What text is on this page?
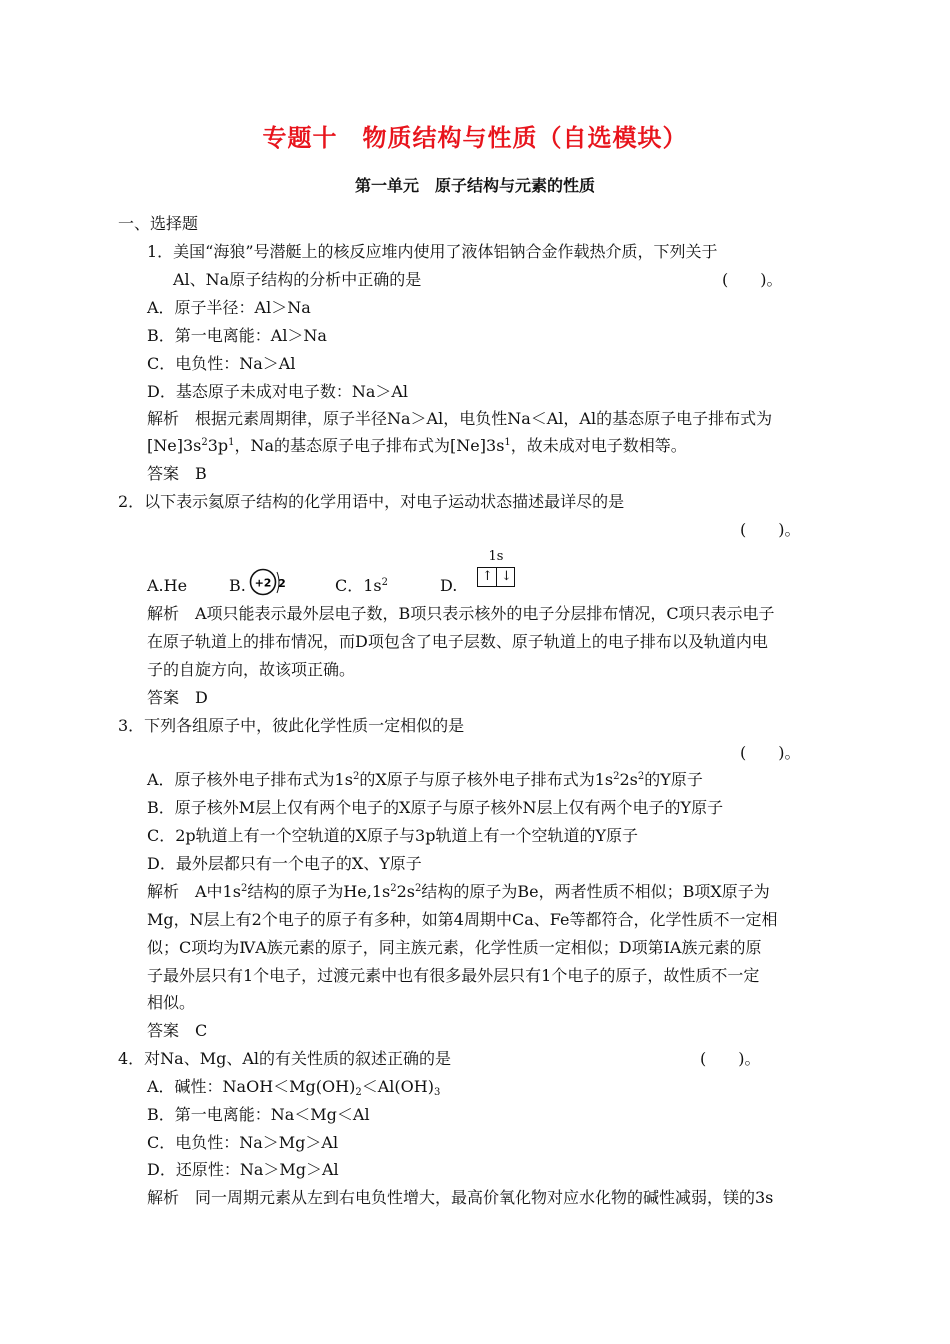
专题十　物质结构与性质（自选模块）
第一单元　原子结构与元素的性质
一、选择题
1．美国“海狼”号潜艇上的核反应堆内使用了液体铝钠合金作载热介质，下列关于
Al、Na原子结构的分析中正确的是	(　　)。
A．原子半径：Al＞Na
B．第一电离能：Al＞Na
C．电负性：Na＞Al
D．基态原子未成对电子数：Na＞Al
解析　根据元素周期律，原子半径Na＞Al，电负性Na＜Al，Al的基态原子电子排布式为
$[Ne]3s^23p^1$，Na的基态原子电子排布式为$[Ne]3s^1$，故未成对电子数相等。
答案　B
2．以下表示氦原子结构的化学用语中，对电子运动状态描述最详尽的是
(　　)。
A.He	B. +2 2	C．$1s^2$	D.
1s
↑ ↓
解析　A项只能表示最外层电子数，B项只表示核外的电子分层排布情况，C项只表示电子
在原子轨道上的排布情况，而D项包含了电子层数、原子轨道上的电子排布以及轨道内电
子的自旋方向，故该项正确。
答案　D
3．下列各组原子中，彼此化学性质一定相似的是
(　　)。
A．原子核外电子排布式为$1s^2$的X原子与原子核外电子排布式为$1s^22s^2$的Y原子
B．原子核外M层上仅有两个电子的X原子与原子核外N层上仅有两个电子的Y原子
C．2p轨道上有一个空轨道的X原子与3p轨道上有一个空轨道的Y原子
D．最外层都只有一个电子的X、Y原子
解析　A中$1s^2$结构的原子为$He,1s^22s^2$结构的原子为Be，两者性质不相似；B项X原子为
Mg，N层上有2个电子的原子有多种，如第4周期中Ca、Fe等都符合，化学性质不一定相
似；C项均为ⅣA族元素的原子，同主族元素，化学性质一定相似；D项第ⅠA族元素的原
子最外层只有1个电子，过渡元素中也有很多最外层只有1个电子的原子，故性质不一定
相似。
答案　C
4．对Na、Mg、Al的有关性质的叙述正确的是	(　　)。
A．碱性：$NaOH<Mg(OH)_2<Al(OH)_3$
B．第一电离能：Na＜Mg＜Al
C．电负性：Na＞Mg＞Al
D．还原性：Na＞Mg＞Al
解析　同一周期元素从左到右电负性增大，最高价氧化物对应水化物的碱性减弱，镁的3s
